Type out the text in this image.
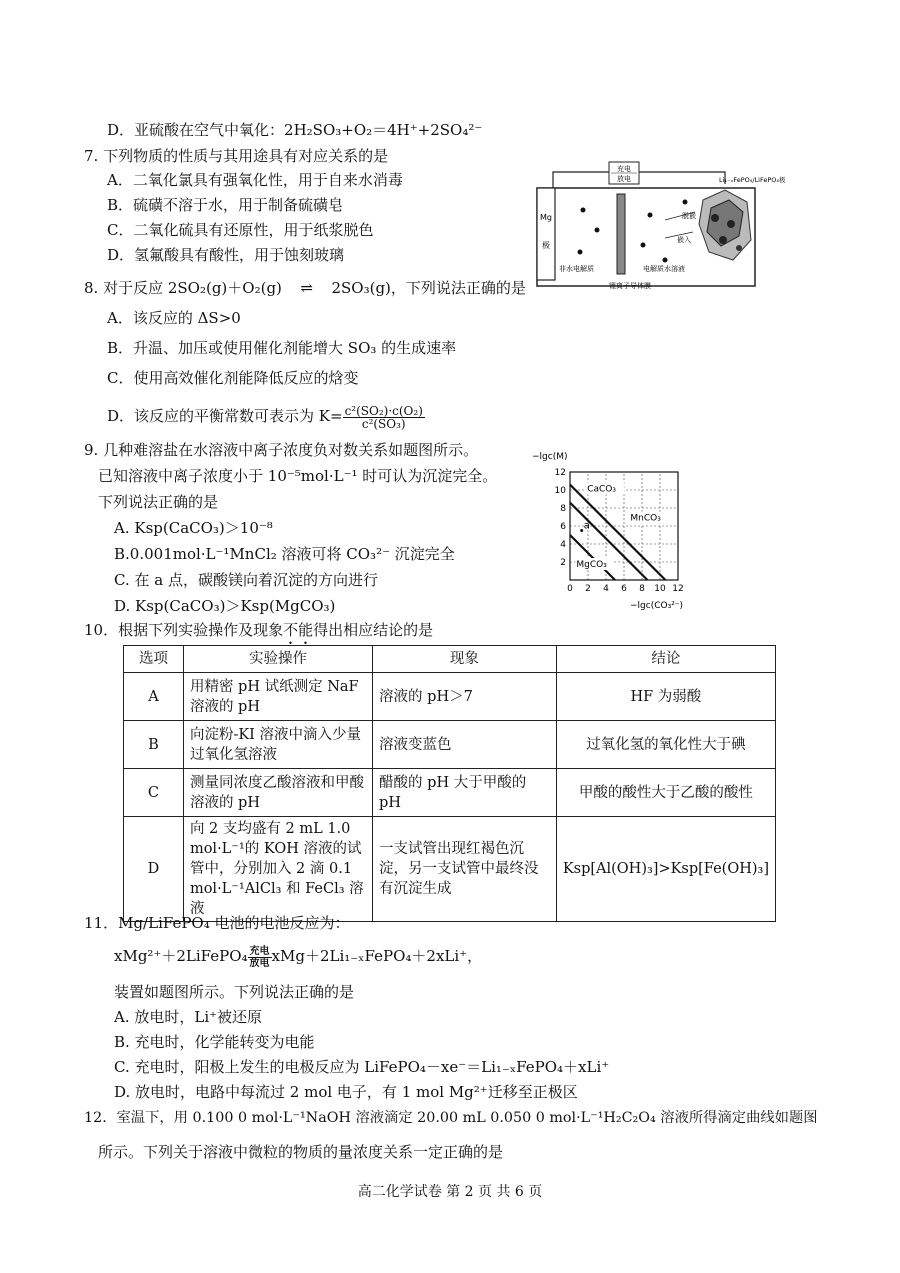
D．亚硫酸在空气中氧化：2H₂SO₃+O₂＝4H⁺+2SO₄²⁻
7. 下列物质的性质与其用途具有对应关系的是
A．二氧化氯具有强氧化性，用于自来水消毒
B．硫磺不溶于水，用于制备硫磺皂
C．二氧化硫具有还原性，用于纸浆脱色
D．氢氟酸具有酸性，用于蚀刻玻璃
充电
放电
Mg
极
脱嵌
嵌入
Li₁₋ₓFePO₄/LiFePO₄极
非水电解质
锂离子导体膜
电解质水溶液
8. 对于反应 2SO₂(g)＋O₂(g) ⇌ 2SO₃(g)，下列说法正确的是
A．该反应的 ΔS>0
B．升温、加压或使用催化剂能增大 SO₃ 的生成速率
C．使用高效催化剂能降低反应的焓变
D．该反应的平衡常数可表示为 $K= \frac{\text{c²(SO₂)·c(O₂)}}{\text{c²(SO₃)}}$
9. 几种难溶盐在水溶液中离子浓度负对数关系如题图所示。
已知溶液中离子浓度小于 10⁻⁵mol·L⁻¹ 时可认为沉淀完全。
下列说法正确的是
A. Ksp(CaCO₃)＞10⁻⁸
B.0.001mol·L⁻¹MnCl₂ 溶液可将 CO₃²⁻ 沉淀完全
C. 在 a 点，碳酸镁向着沉淀的方向进行
D. Ksp(CaCO₃)＞Ksp(MgCO₃)
CaCO₃
MnCO₃
MgCO₃
a
0 2 4 6 8 10 12
2
4
6
8
10
12
−lgc(M)
−lgc(CO₃²⁻)
10．根据下列实验操作及现象不能得出相应结论的是
选项	实验操作	现象	结论
A	用精密 pH 试纸测定 NaF 溶液的 pH	溶液的 pH＞7	HF 为弱酸
B	向淀粉-KI 溶液中滴入少量过氧化氢溶液	溶液变蓝色	过氧化氢的氧化性大于碘
C	测量同浓度乙酸溶液和甲酸溶液的 pH	醋酸的 pH 大于甲酸的 pH	甲酸的酸性大于乙酸的酸性
D	向 2 支均盛有 2 mL 1.0 mol·L⁻¹的 KOH 溶液的试管中，分别加入 2 滴 0.1 mol·L⁻¹AlCl₃ 和 FeCl₃ 溶液	一支试管出现红褐色沉淀，另一支试管中最终没有沉淀生成	Ksp[Al(OH)₃]>Ksp[Fe(OH)₃]
11．Mg/LiFePO₄ 电池的电池反应为：
xMg²⁺＋2LiFePO₄ $\frac{\text{充电}}{\text{放电}}$ xMg＋2Li₁₋ₓFePO₄＋2xLi⁺，
装置如题图所示。下列说法正确的是
A. 放电时，Li⁺被还原
B. 充电时，化学能转变为电能
C. 充电时，阳极上发生的电极反应为 LiFePO₄－xe⁻＝Li₁₋ₓFePO₄＋xLi⁺
D. 放电时，电路中每流过 2 mol 电子，有 1 mol Mg²⁺迁移至正极区
12．室温下，用 0.100 0 mol·L⁻¹NaOH 溶液滴定 20.00 mL 0.050 0 mol·L⁻¹H₂C₂O₄ 溶液所得滴定曲线如题图
所示。下列关于溶液中微粒的物质的量浓度关系一定正确的是
高二化学试卷 第 2 页 共 6 页
